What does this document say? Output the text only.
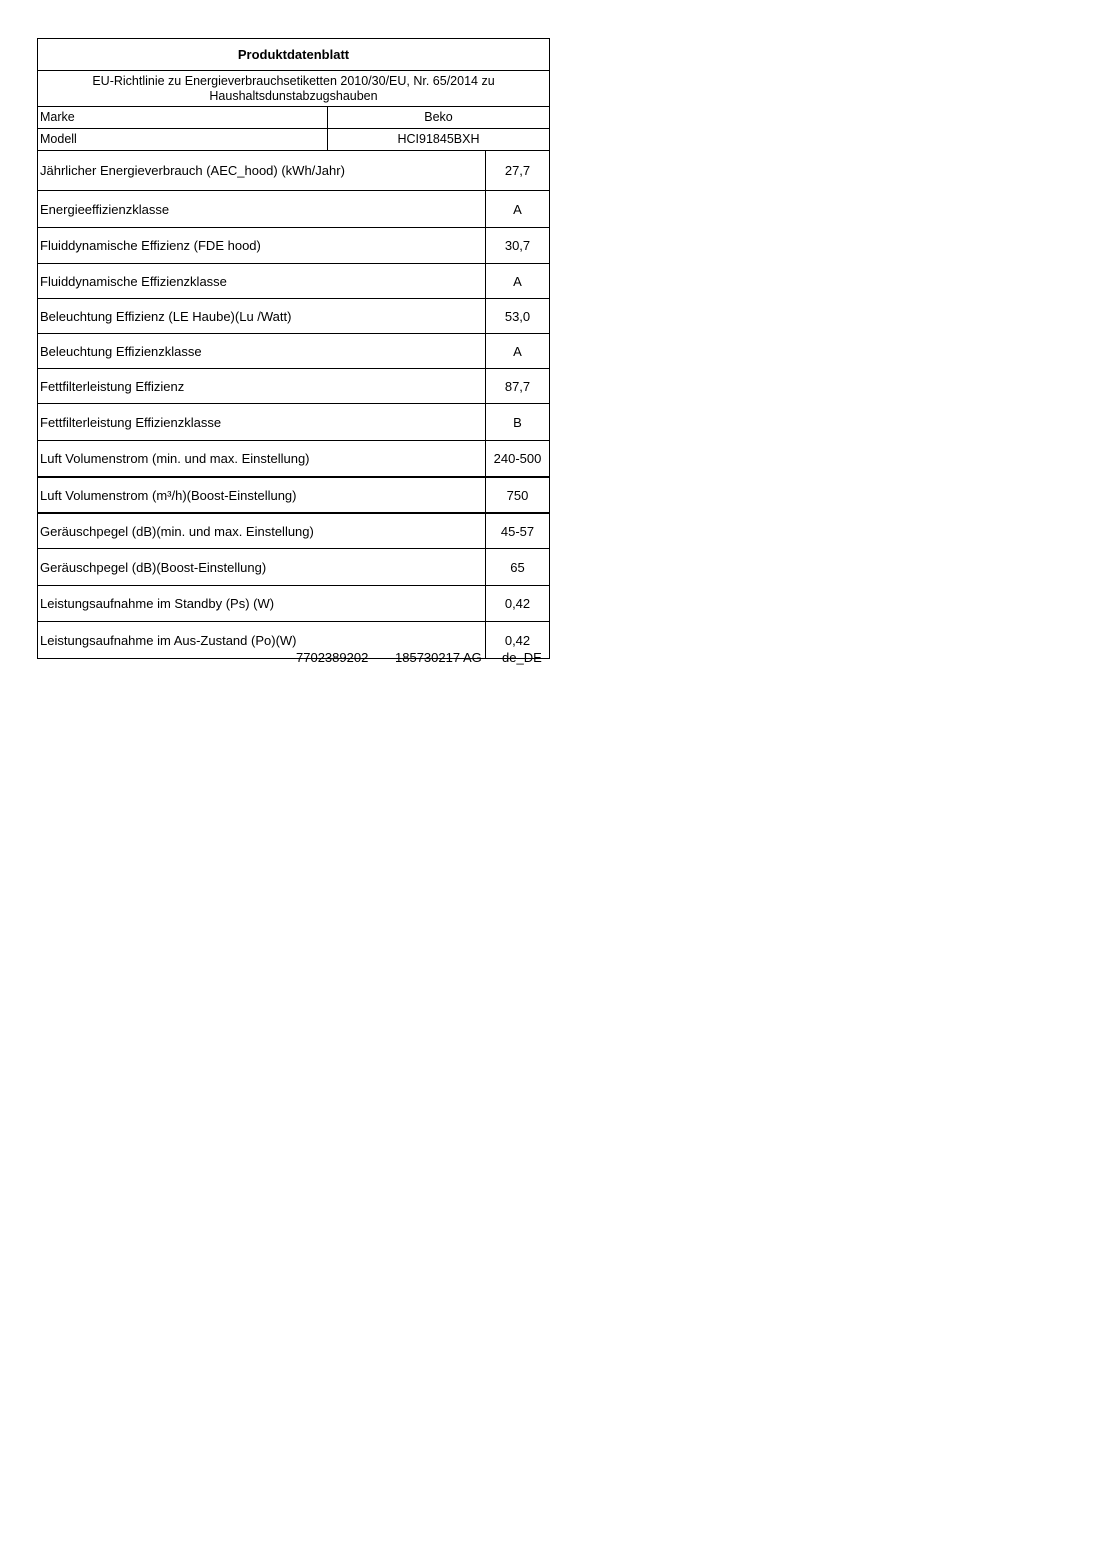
Produktdatenblatt
EU-Richtlinie zu Energieverbrauchsetiketten 2010/30/EU, Nr. 65/2014 zu
Haushaltsdunstabzugshauben
Marke	Beko
Modell	HCI91845BXH
Jährlicher Energieverbrauch (AEC_hood) (kWh/Jahr)	27,7
Energieeffizienzklasse	A
Fluiddynamische Effizienz (FDE hood)	30,7
Fluiddynamische Effizienzklasse	A
Beleuchtung Effizienz (LE Haube)(Lu /Watt)	53,0
Beleuchtung Effizienzklasse	A
Fettfilterleistung Effizienz	87,7
Fettfilterleistung Effizienzklasse	B
Luft Volumenstrom (min. und max. Einstellung)	240-500
Luft Volumenstrom (m³/h)(Boost-Einstellung)	750
Geräuschpegel (dB)(min. und max. Einstellung)	45-57
Geräuschpegel (dB)(Boost-Einstellung)	65
Leistungsaufnahme im Standby (Ps) (W)	0,42
Leistungsaufnahme im Aus-Zustand (Po)(W)	0,42
7702389202 185730217 AG de_DE
